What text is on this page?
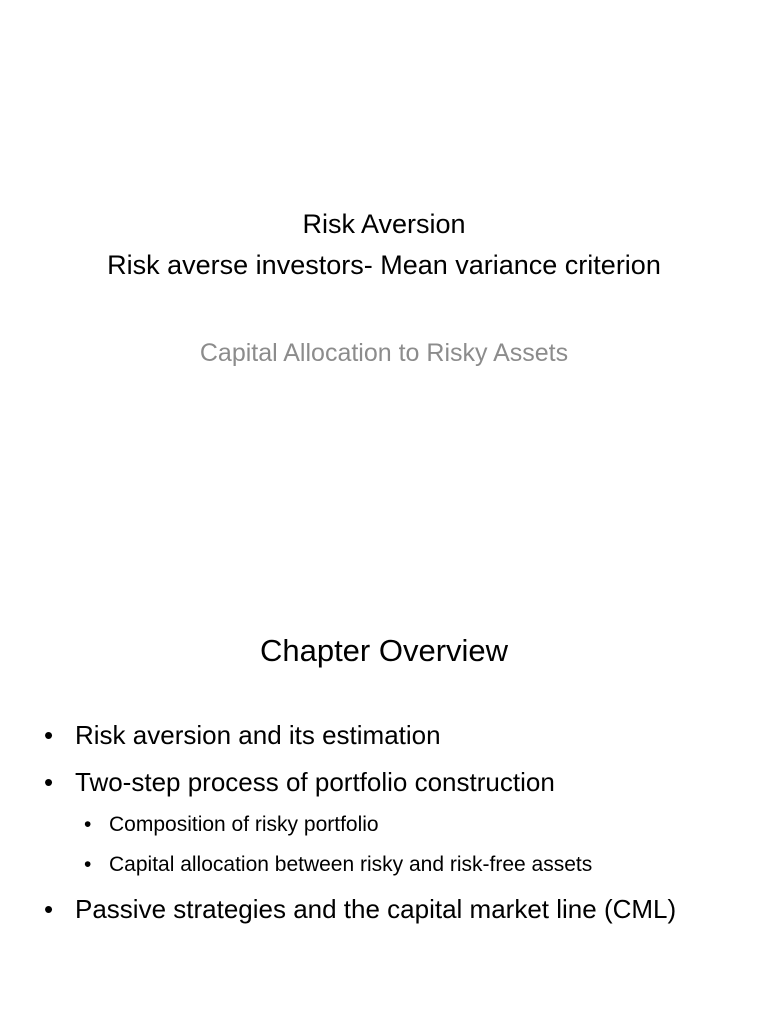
Risk Aversion
Risk averse investors- Mean variance criterion
Capital Allocation to Risky Assets
Chapter Overview
• Risk aversion and its estimation
• Two-step process of portfolio construction
• Composition of risky portfolio
• Capital allocation between risky and risk-free assets
• Passive strategies and the capital market line (CML)
